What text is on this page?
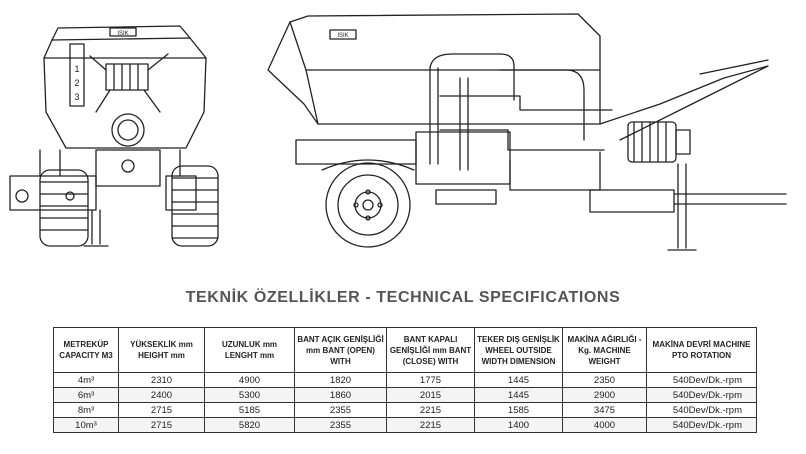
ISIK
1
2
3
ISIK
TEKNİK ÖZELLİKLER - TECHNICAL SPECIFICATIONS
METREKÜP CAPACITY M3	YÜKSEKLİK mm HEIGHT mm	UZUNLUK mm LENGHT mm	BANT AÇIK GENİŞLİĞİ mm BANT (OPEN) WITH	BANT KAPALI GENİŞLİĞİ mm BANT (CLOSE) WITH	TEKER DIŞ GENİŞLİK WHEEL OUTSIDE WIDTH DIMENSION	MAKİNA AĞIRLIĞI - Kg. MACHINE WEIGHT	MAKİNA DEVRİ MACHINE PTO ROTATION
4m³	2310	4900	1820	1775	1445	2350	540Dev/Dk.-rpm
6m³	2400	5300	1860	2015	1445	2900	540Dev/Dk.-rpm
8m³	2715	5185	2355	2215	1585	3475	540Dev/Dk.-rpm
10m³	2715	5820	2355	2215	1400	4000	540Dev/Dk.-rpm
